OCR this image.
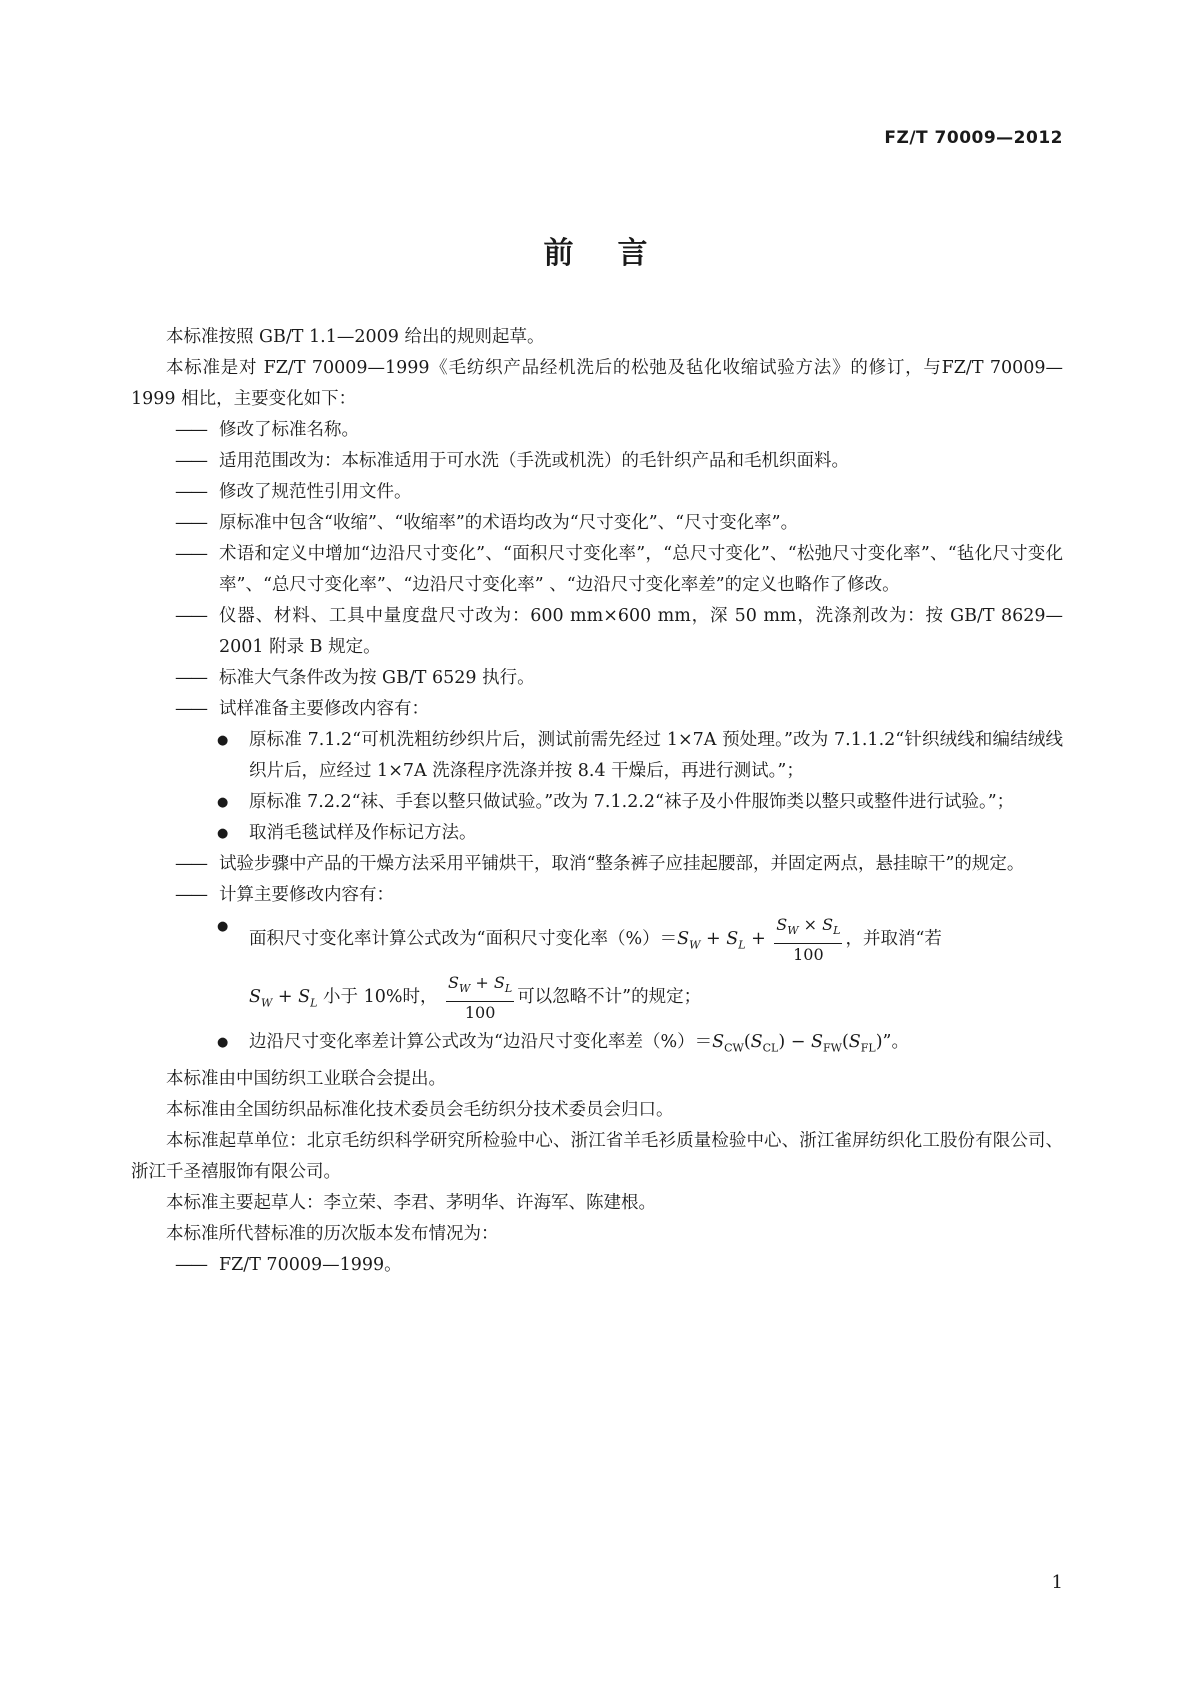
FZ/T 70009—2012
前言

本标准按照 GB/T 1.1—2009 给出的规则起草。

本标准是对 FZ/T 70009—1999《毛纺织产品经机洗后的松弛及毡化收缩试验方法》的修订，与FZ/T 70009—1999 相比，主要变化如下：

—— 修改了标准名称。
—— 适用范围改为：本标准适用于可水洗（手洗或机洗）的毛针织产品和毛机织面料。
—— 修改了规范性引用文件。
—— 原标准中包含“收缩”、“收缩率”的术语均改为“尺寸变化”、“尺寸变化率”。
—— 术语和定义中增加“边沿尺寸变化”、“面积尺寸变化率”，“总尺寸变化”、“松弛尺寸变化率”、“毡化尺寸变化率”、“总尺寸变化率”、“边沿尺寸变化率” 、“边沿尺寸变化率差”的定义也略作了修改。
—— 仪器、材料、工具中量度盘尺寸改为：600 mm×600 mm，深 50 mm，洗涤剂改为：按 GB/T 8629—2001 附录 B 规定。
—— 标准大气条件改为按 GB/T 6529 执行。
—— 试样准备主要修改内容有：
●	原标准 7.1.2“可机洗粗纺纱织片后，测试前需先经过 1×7A 预处理。”改为 7.1.1.2“针织绒线和编结绒线织片后，应经过 1×7A 洗涤程序洗涤并按 8.4 干燥后，再进行测试。”；
●	原标准 7.2.2“袜、手套以整只做试验。”改为 7.1.2.2“袜子及小件服饰类以整只或整件进行试验。”；
●	取消毛毯试样及作标记方法。
—— 试验步骤中产品的干燥方法采用平铺烘干，取消“整条裤子应挂起腰部，并固定两点，悬挂晾干”的规定。
—— 计算主要修改内容有：
●
面积尺寸变化率计算公式改为“面积尺寸变化率$(\%)=S_W + S_L + \frac{S_W \times S_L}{100}$ ，并取消“若
$S_W + S_L$ 小于 10%时， $\frac{S_W + S_L}{100}$ 可以忽略不计”的规定；
●	边沿尺寸变化率差计算公式改为“边沿尺寸变化率差$(\%)=S_{CW}(S_{CL}) - S_{FW}(S_{FL})$”。

本标准由中国纺织工业联合会提出。

本标准由全国纺织品标准化技术委员会毛纺织分技术委员会归口。

本标准起草单位：北京毛纺织科学研究所检验中心、浙江省羊毛衫质量检验中心、浙江雀屏纺织化工股份有限公司、浙江千圣禧服饰有限公司。

本标准主要起草人：李立荣、李君、茅明华、许海军、陈建根。

本标准所代替标准的历次版本发布情况为：

—— FZ/T 70009—1999。
1
